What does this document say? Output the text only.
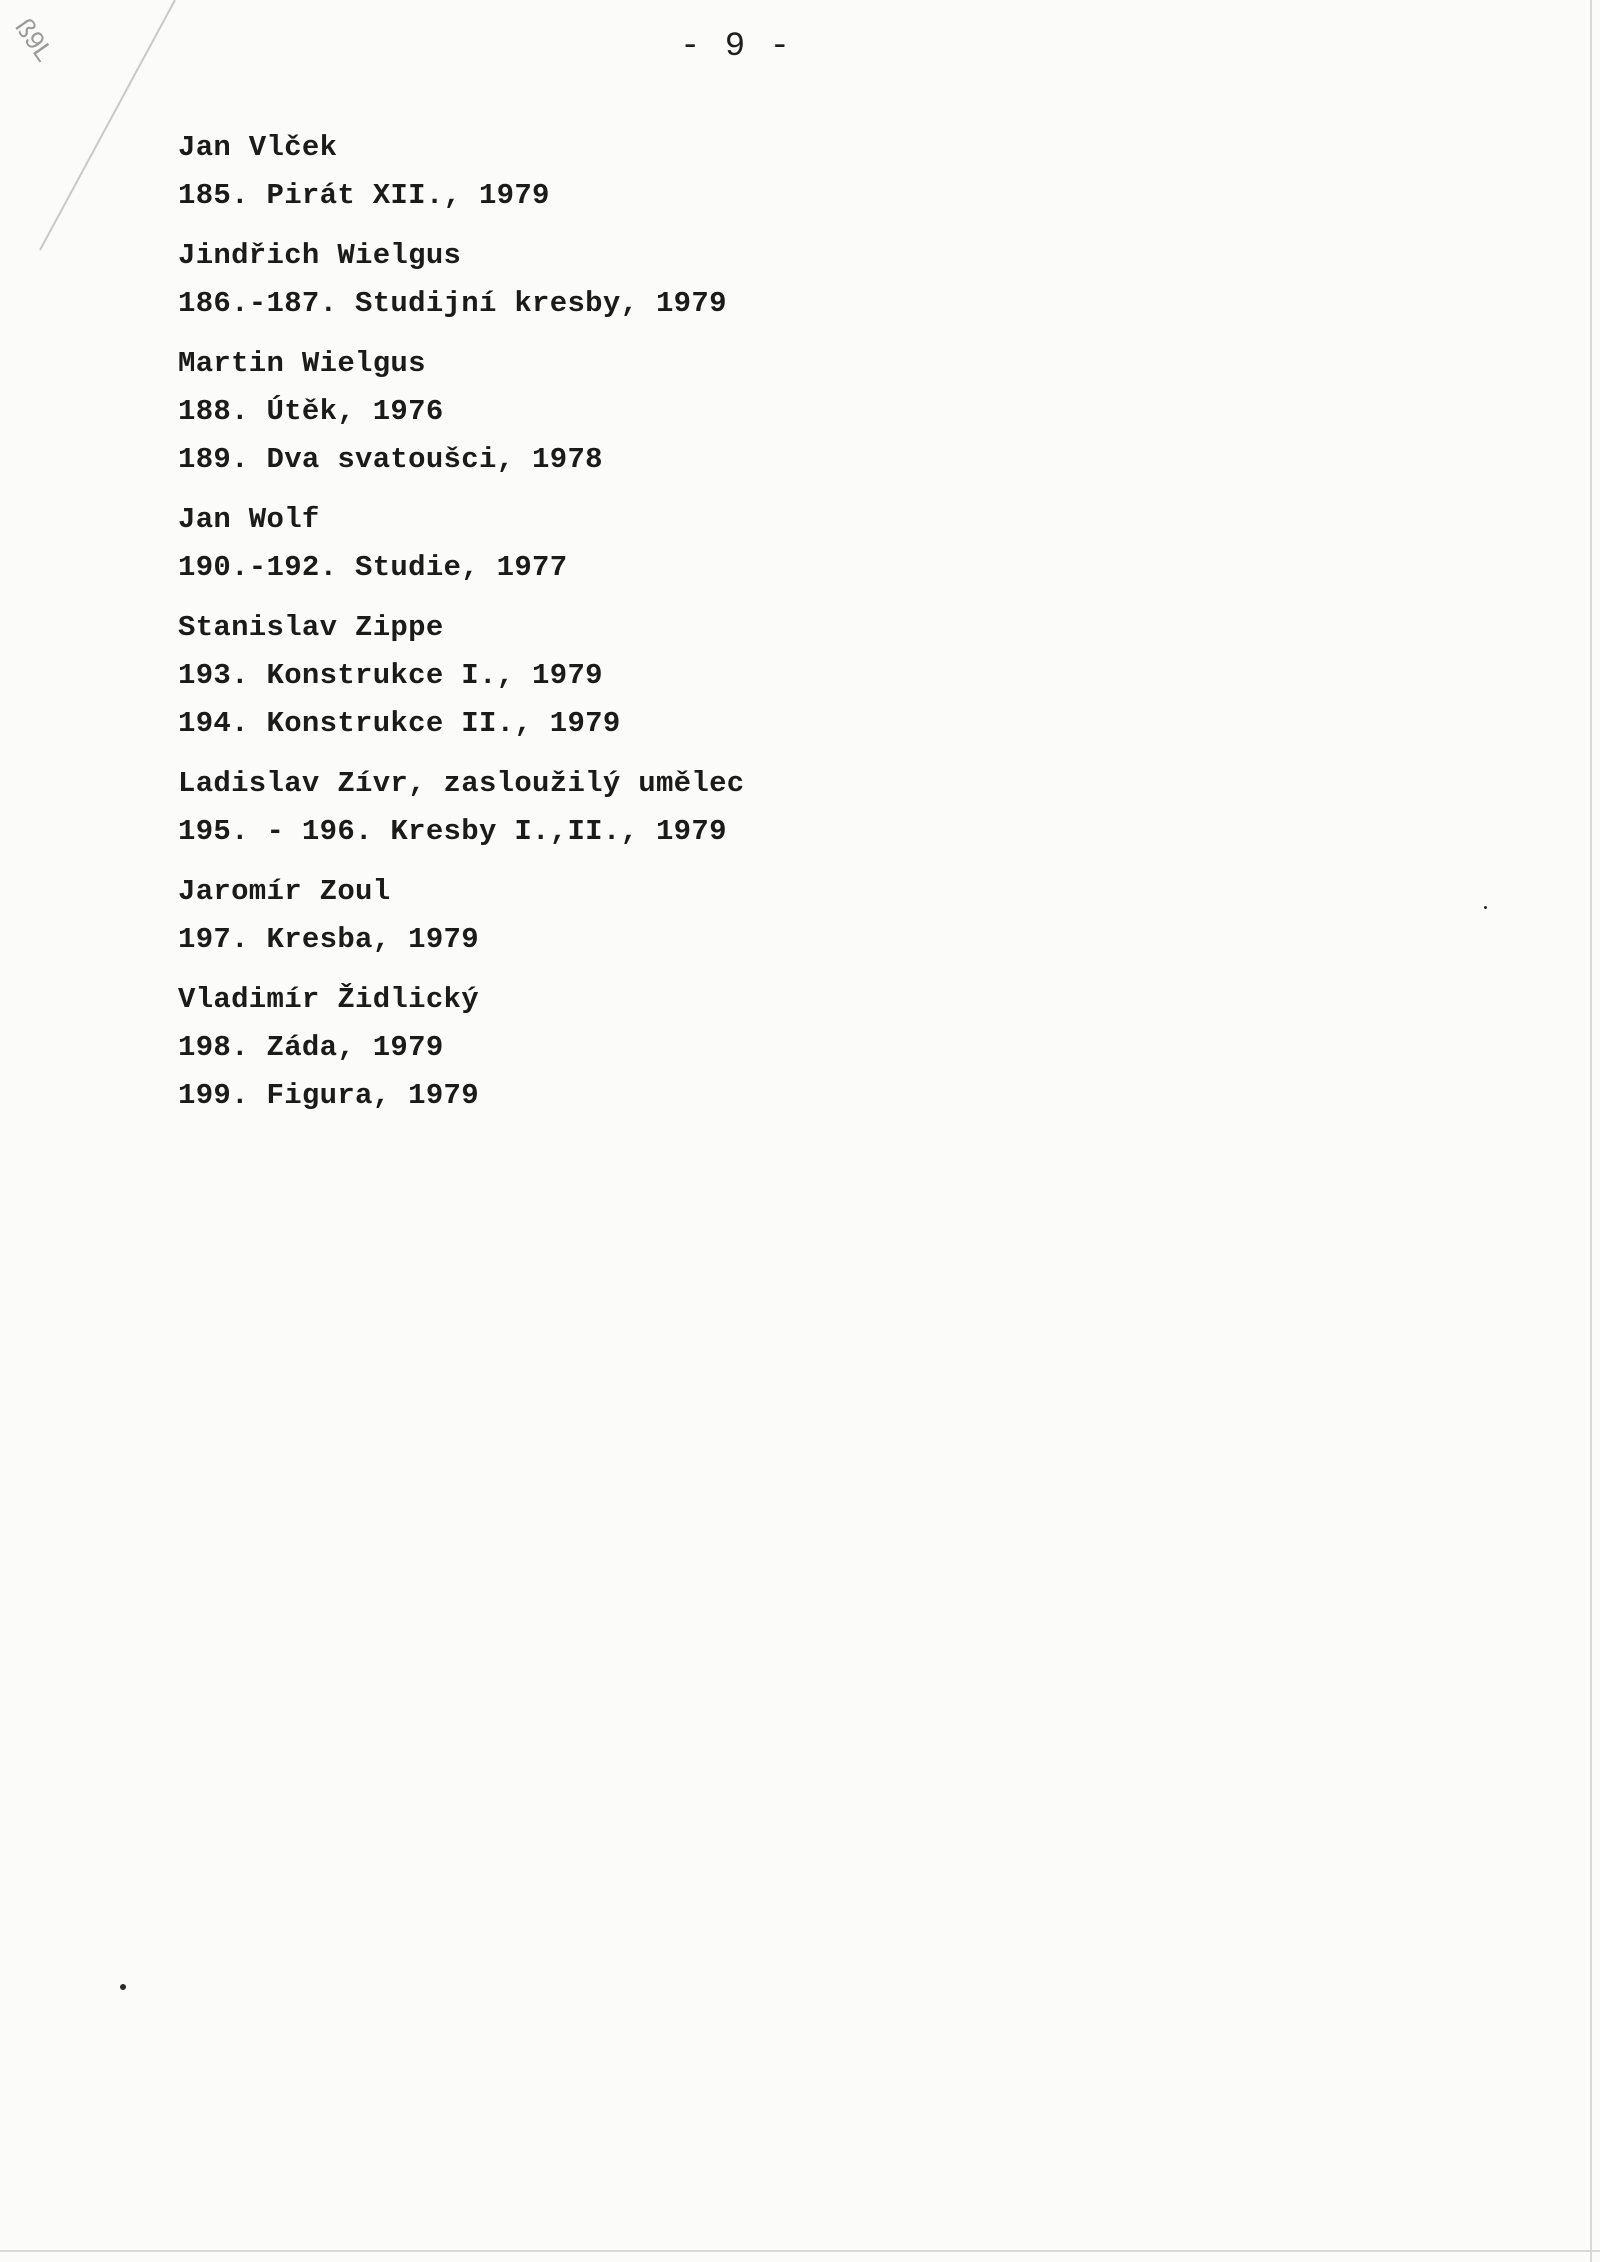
ß9L	- 9 -
Jan Vlček
185. Pirát XII., 1979
Jindřich Wielgus
186.-187. Studijní kresby, 1979
Martin Wielgus
188. Útěk, 1976
189. Dva svatoušci, 1978
Jan Wolf
190.-192. Studie, 1977
Stanislav Zippe
193. Konstrukce I., 1979
194. Konstrukce II., 1979
Ladislav Zívr, zasloužilý umělec
195. - 196. Kresby I.,II., 1979
Jaromír Zoul
197. Kresba, 1979
Vladimír Židlický
198. Záda, 1979
199. Figura, 1979
